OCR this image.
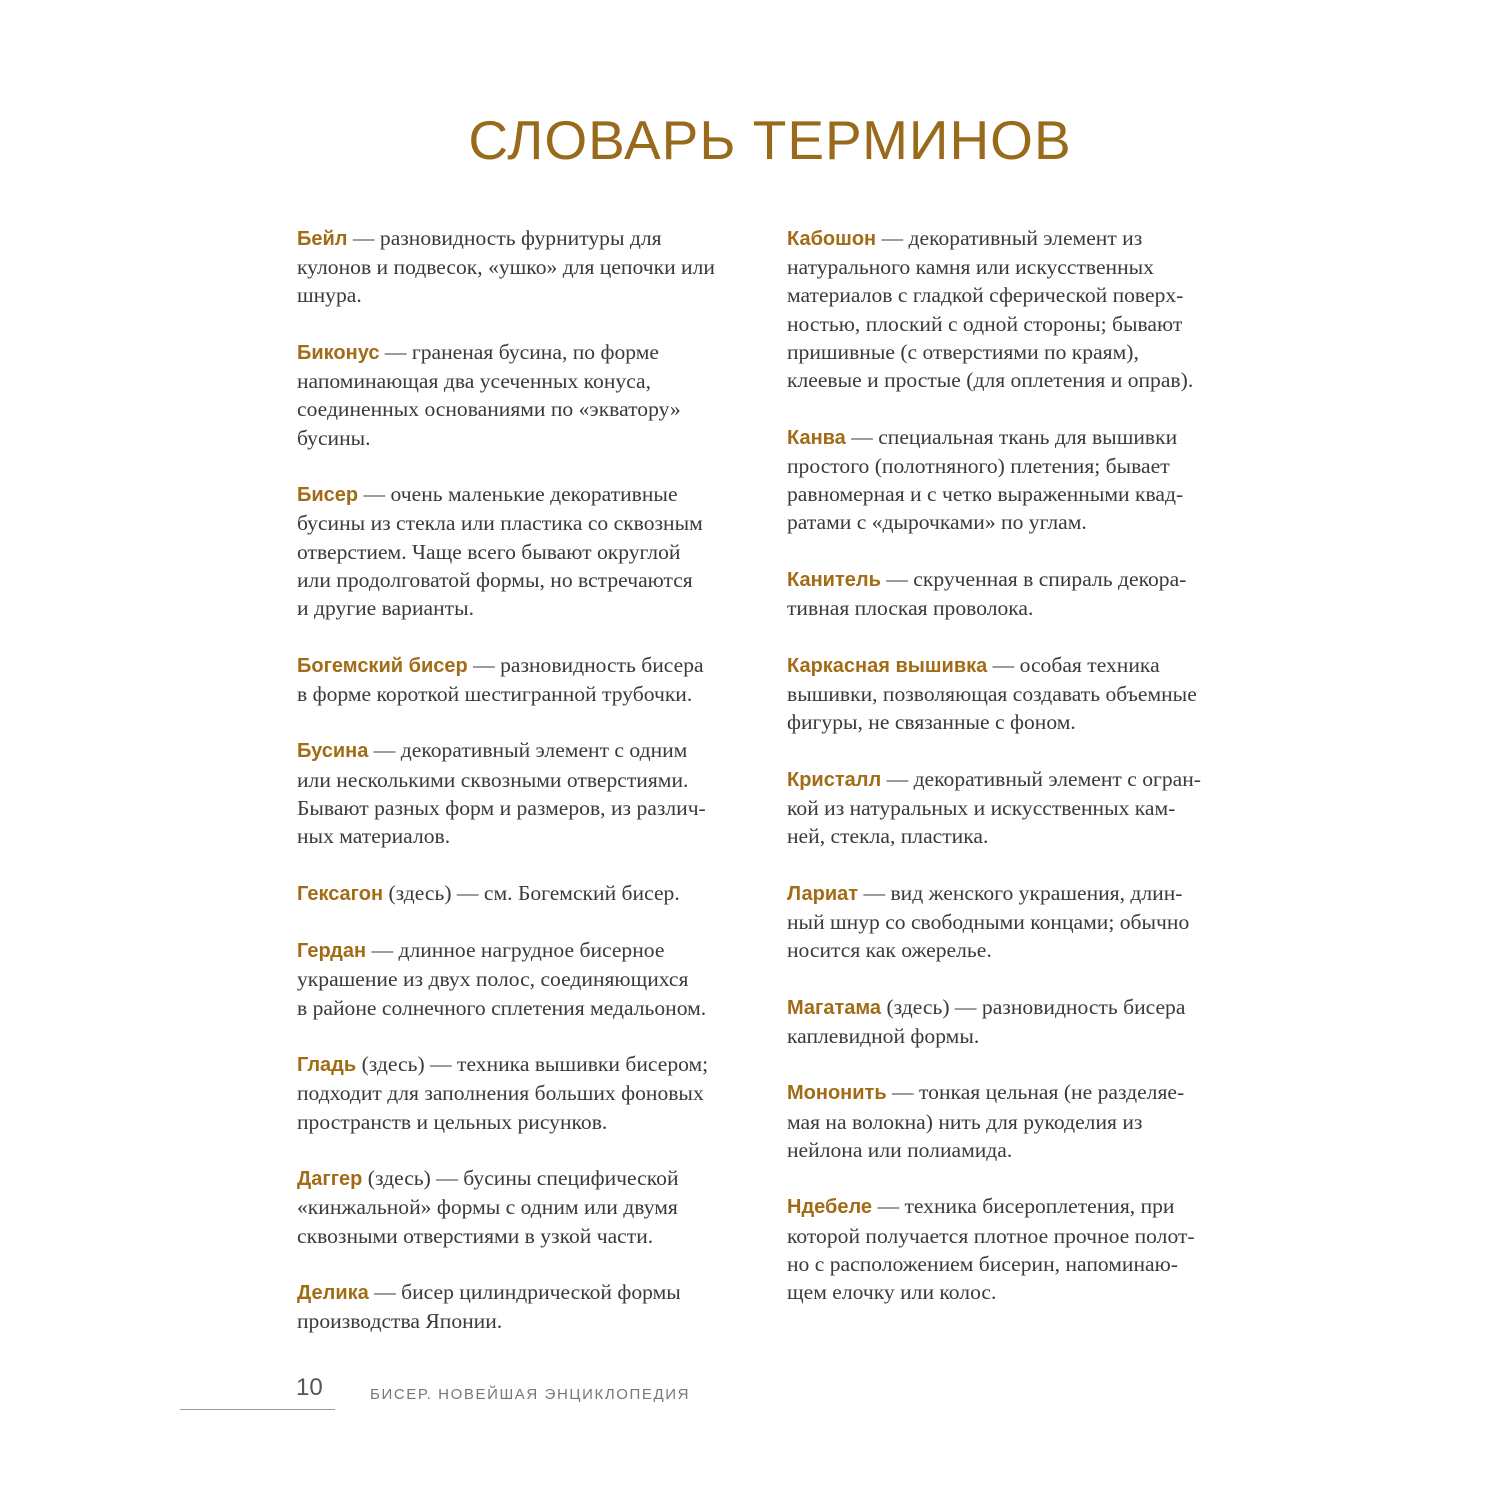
СЛОВАРЬ ТЕРМИНОВ

Бейл — разновидность фурнитуры для
кулонов и подвесок, «ушко» для цепочки или
шнура.

Биконус — граненая бусина, по форме
напоминающая два усеченных конуса,
соединенных основаниями по «экватору»
бусины.

Бисер — очень маленькие декоративные
бусины из стекла или пластика со сквозным
отверстием. Чаще всего бывают округлой
или продолговатой формы, но встречаются
и другие варианты.

Богемский бисер — разновидность бисера
в форме короткой шестигранной трубочки.

Бусина — декоративный элемент с одним
или несколькими сквозными отверстиями.
Бывают разных форм и размеров, из различ-
ных материалов.

Гексагон (здесь) — см. Богемский бисер.

Гердан — длинное нагрудное бисерное
украшение из двух полос, соединяющихся
в районе солнечного сплетения медальоном.

Гладь (здесь) — техника вышивки бисером;
подходит для заполнения больших фоновых
пространств и цельных рисунков.

Даггер (здесь) — бусины специфической
«кинжальной» формы с одним или двумя
сквозными отверстиями в узкой части.

Делика — бисер цилиндрической формы
производства Японии.

Кабошон — декоративный элемент из
натурального камня или искусственных
материалов с гладкой сферической поверх-
ностью, плоский с одной стороны; бывают
пришивные (с отверстиями по краям),
клеевые и простые (для оплетения и оправ).

Канва — специальная ткань для вышивки
простого (полотняного) плетения; бывает
равномерная и с четко выраженными квад-
ратами с «дырочками» по углам.

Канитель — скрученная в спираль декора-
тивная плоская проволока.

Каркасная вышивка — особая техника
вышивки, позволяющая создавать объемные
фигуры, не связанные с фоном.

Кристалл — декоративный элемент с огран-
кой из натуральных и искусственных кам-
ней, стекла, пластика.

Лариат — вид женского украшения, длин-
ный шнур со свободными концами; обычно
носится как ожерелье.

Магатама (здесь) — разновидность бисера
каплевидной формы.

Мононить — тонкая цельная (не разделяе-
мая на волокна) нить для рукоделия из
нейлона или полиамида.

Ндебеле — техника бисероплетения, при
которой получается плотное прочное полот-
но с расположением бисерин, напоминаю-
щем елочку или колос.

10	БИСЕР. НОВЕЙШАЯ ЭНЦИКЛОПЕДИЯ
